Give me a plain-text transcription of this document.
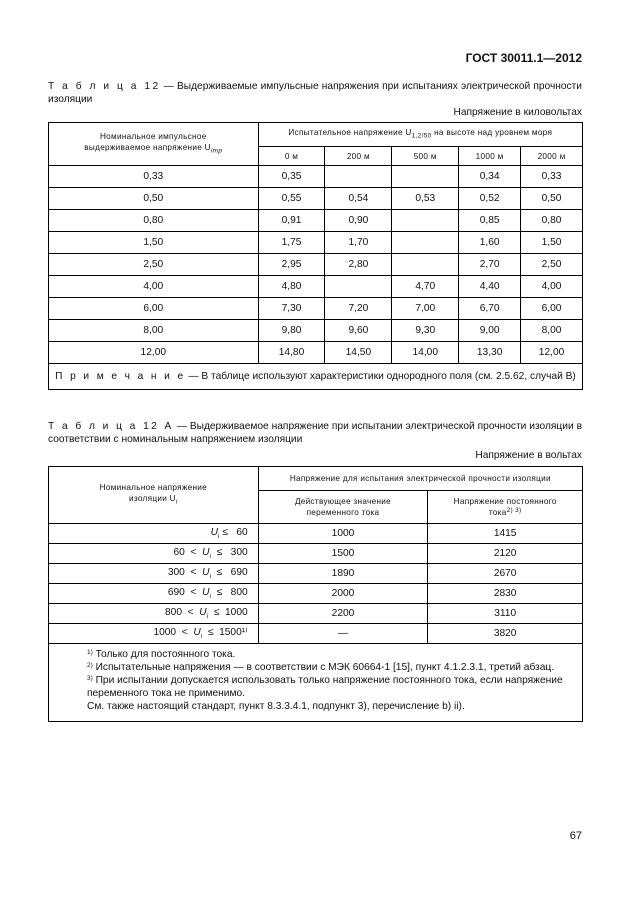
ГОСТ 30011.1—2012
Т а б л и ц а 12 — Выдерживаемые импульсные напряжения при испытаниях электрической прочности изоляции
Напряжение в киловольтах
Номинальное импульсное
выдерживаемое напряжение $U_{imp}$	Испытательное напряжение $U_{1,2/50}$ на высоте над уровнем моря				
	0 м	200 м	500 м	1000 м	2000 м
0,33	0,35			0,34	0,33
0,50	0,55	0,54	0,53	0,52	0,50
0,80	0,91	0,90		0,85	0,80
1,50	1,75	1,70		1,60	1,50
2,50	2,95	2,80		2,70	2,50
4,00	4,80		4,70	4,40	4,00
6,00	7,30	7,20	7,00	6,70	6,00
8,00	9,80	9,60	9,30	9,00	8,00
12,00	14,80	14,50	14,00	13,30	12,00
П р и м е ч а н и е — В таблице используют характеристики однородного поля (см. 2.5.62, случай В)					
Т а б л и ц а 12 А — Выдерживаемое напряжение при испытании электрической прочности изоляции в соответствии с номинальным напряжением изоляции
Напряжение в вольтах
Номинальное напряжение
изоляции $U_i$	Напряжение для испытания электрической прочности изоляции	
	Действующее значение
переменного тока	Напряжение постоянного
тока$^{2) 3)}$
$U_i \le 60$	1000	1415
$60 < U_i \le 300$	1500	2120
$300 < U_i \le 690$	1890	2670
$690 < U_i \le 800$	2000	2830
$800 < U_i \le 1000$	2200	3110
$1000 < U_i \le 1500^{1)}$	—	3820

$^{1)}$ Только для постоянного тока.
$^{2)}$ Испытательные напряжения — в соответствии с МЭК 60664-1 [15], пункт 4.1.2.3.1, третий абзац.
$^{3)}$ При испытании допускается использовать только напряжение постоянного тока, если напряжение переменного тока не применимо.
См. также настоящий стандарт, пункт 8.3.3.4.1, подпункт 3), перечисление b) ii).		
67
